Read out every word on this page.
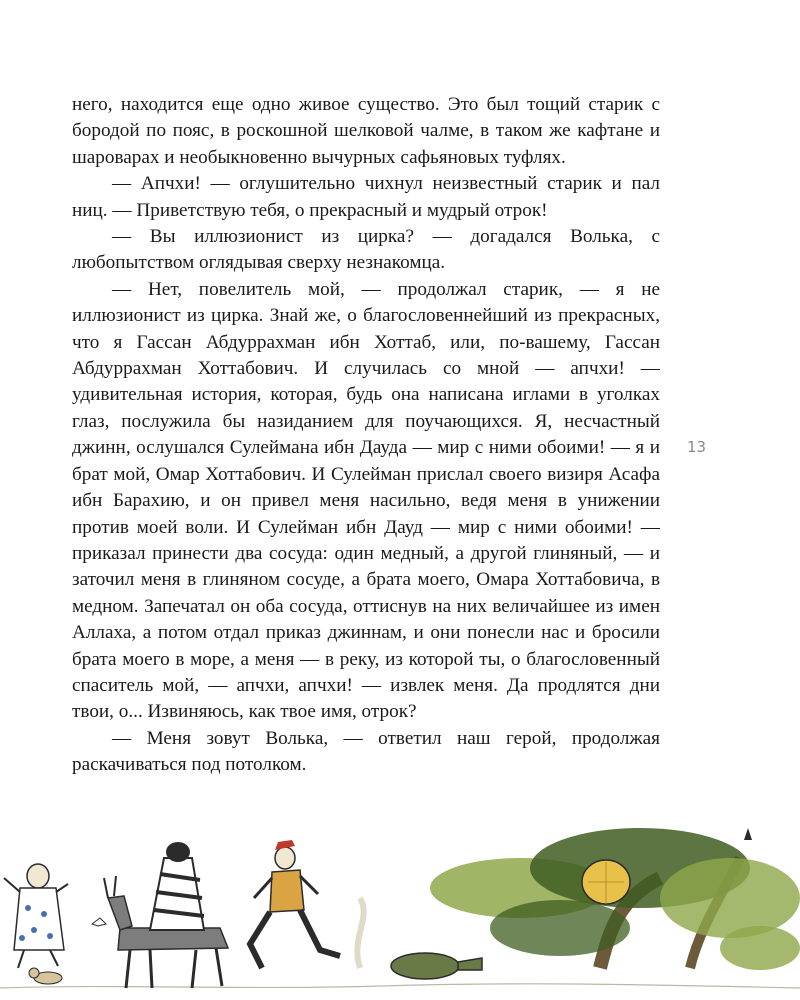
него, находится еще одно живое существо. Это был тощий старик с бородой по пояс, в роскошной шелковой чалме, в таком же кафтане и шароварах и необыкновенно вычурных сафьяновых туфлях.

— Апчхи! — оглушительно чихнул неизвестный старик и пал ниц. — Приветствую тебя, о прекрасный и мудрый отрок!

— Вы иллюзионист из цирка? — догадался Волька, с любопытством оглядывая сверху незнакомца.

— Нет, повелитель мой, — продолжал старик, — я не иллюзионист из цирка. Знай же, о благословеннейший из прекрасных, что я Гассан Абдуррахман ибн Хоттаб, или, по-вашему, Гассан Абдуррахман Хоттабович. И случилась со мной — апчхи! — удивительная история, которая, будь она написана иглами в уголках глаз, послужила бы назиданием для поучающихся. Я, несчастный джинн, ослушался Сулеймана ибн Дауда — мир с ними обоими! — я и брат мой, Омар Хоттабович. И Сулейман прислал своего визиря Асафа ибн Барахию, и он привел меня насильно, ведя меня в унижении против моей воли. И Сулейман ибн Дауд — мир с ними обоими! — приказал принести два сосуда: один медный, а другой глиняный, — и заточил меня в глиняном сосуде, а брата моего, Омара Хоттабовича, в медном. Запечатал он оба сосуда, оттиснув на них величайшее из имен Аллаха, а потом отдал приказ джиннам, и они понесли нас и бросили брата моего в море, а меня — в реку, из которой ты, о благословенный спаситель мой, — апчхи, апчхи! — извлек меня. Да продлятся дни твои, о... Извиняюсь, как твое имя, отрок?

— Меня зовут Волька, — ответил наш герой, продолжая раскачиваться под потолком.

13
